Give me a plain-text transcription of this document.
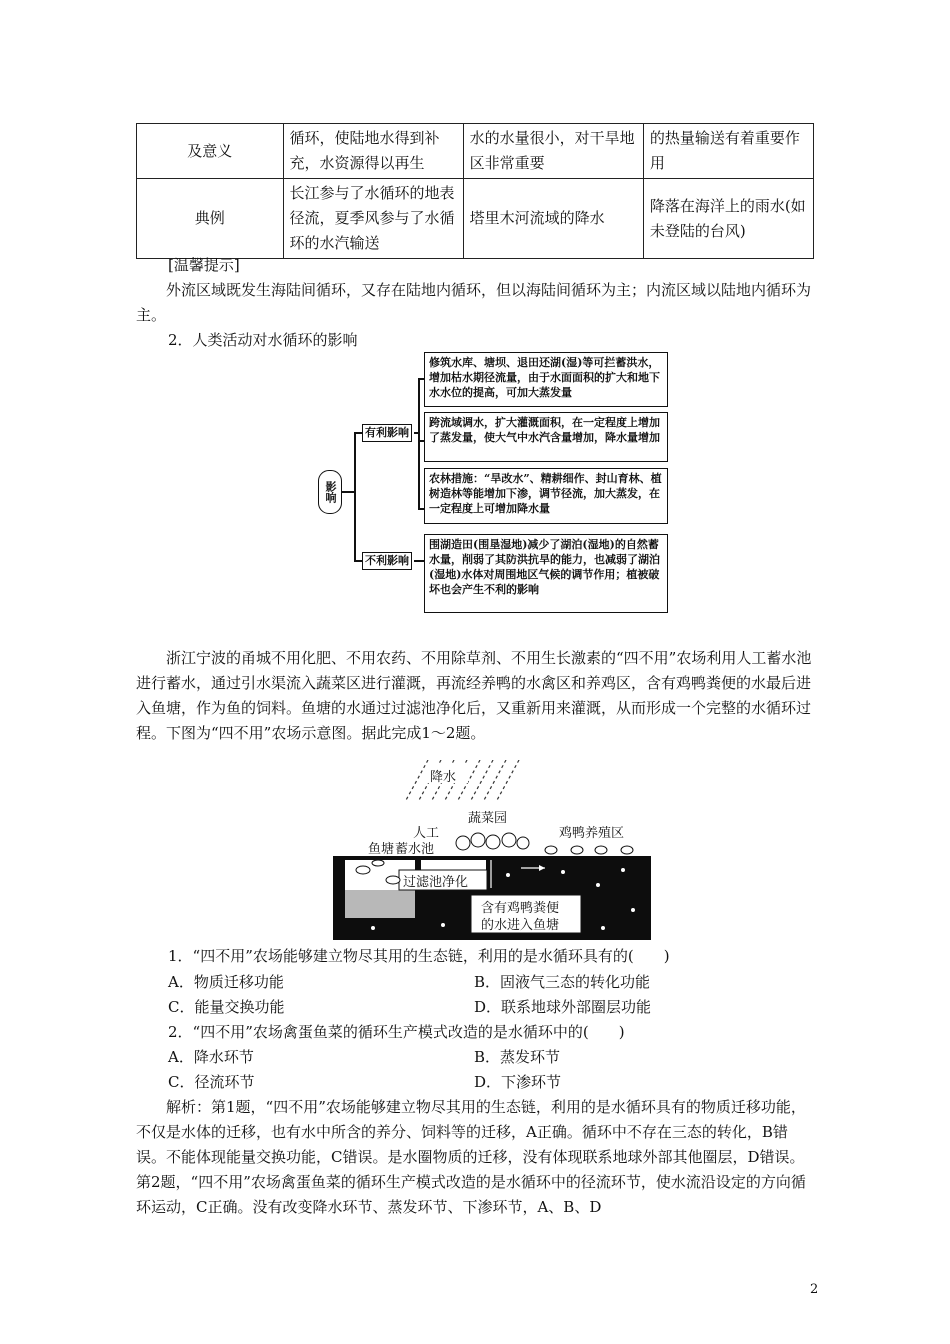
及意义	循环，使陆地水得到补充，水资源得以再生	水的水量很小，对干旱地区非常重要	的热量输送有着重要作用
典例	长江参与了水循环的地表径流，夏季风参与了水循环的水汽输送	塔里木河流域的降水	降落在海洋上的雨水(如未登陆的台风)
[温馨提示]
外流区域既发生海陆间循环，又存在陆地内循环，但以海陆间循环为主；内流区域以陆地内循环为主。
2．人类活动对水循环的影响
影响
有利影响
不利影响
修筑水库、塘坝、退田还湖(湿)等可拦蓄洪水，增加枯水期径流量，由于水面面积的扩大和地下水水位的提高，可加大蒸发量
跨流域调水，扩大灌溉面积，在一定程度上增加了蒸发量，使大气中水汽含量增加，降水量增加
农林措施：“旱改水”、精耕细作、封山育林、植树造林等能增加下渗，调节径流，加大蒸发，在一定程度上可增加降水量
围湖造田(围垦湿地)减少了湖泊(湿地)的自然蓄水量，削弱了其防洪抗旱的能力，也减弱了湖泊(湿地)水体对周围地区气候的调节作用；植被破坏也会产生不利的影响
浙江宁波的甬城不用化肥、不用农药、不用除草剂、不用生长激素的“四不用”农场利用人工蓄水池进行蓄水，通过引水渠流入蔬菜区进行灌溉，再流经养鸭的水禽区和养鸡区，含有鸡鸭粪便的水最后进入鱼塘，作为鱼的饲料。鱼塘的水通过过滤池净化后，又重新用来灌溉，从而形成一个完整的水循环过程。下图为“四不用”农场示意图。据此完成1～2题。
降水
蔬菜园
人工
蓄水池
鱼塘
鸡鸭养殖区
过滤池净化
含有鸡鸭粪便
的水进入鱼塘
1．“四不用”农场能够建立物尽其用的生态链，利用的是水循环具有的(　　)
A．物质迁移功能	B．固液气三态的转化功能
C．能量交换功能	D．联系地球外部圈层功能
2．“四不用”农场禽蛋鱼菜的循环生产模式改造的是水循环中的(　　)
A．降水环节	B．蒸发环节
C．径流环节	D．下渗环节
解析：第1题，“四不用”农场能够建立物尽其用的生态链，利用的是水循环具有的物质迁移功能，不仅是水体的迁移，也有水中所含的养分、饲料等的迁移，A正确。循环中不存在三态的转化，B错误。不能体现能量交换功能，C错误。是水圈物质的迁移，没有体现联系地球外部其他圈层，D错误。第2题，“四不用”农场禽蛋鱼菜的循环生产模式改造的是水循环中的径流环节，使水流沿设定的方向循环运动，C正确。没有改变降水环节、蒸发环节、下渗环节，A、B、D
2
